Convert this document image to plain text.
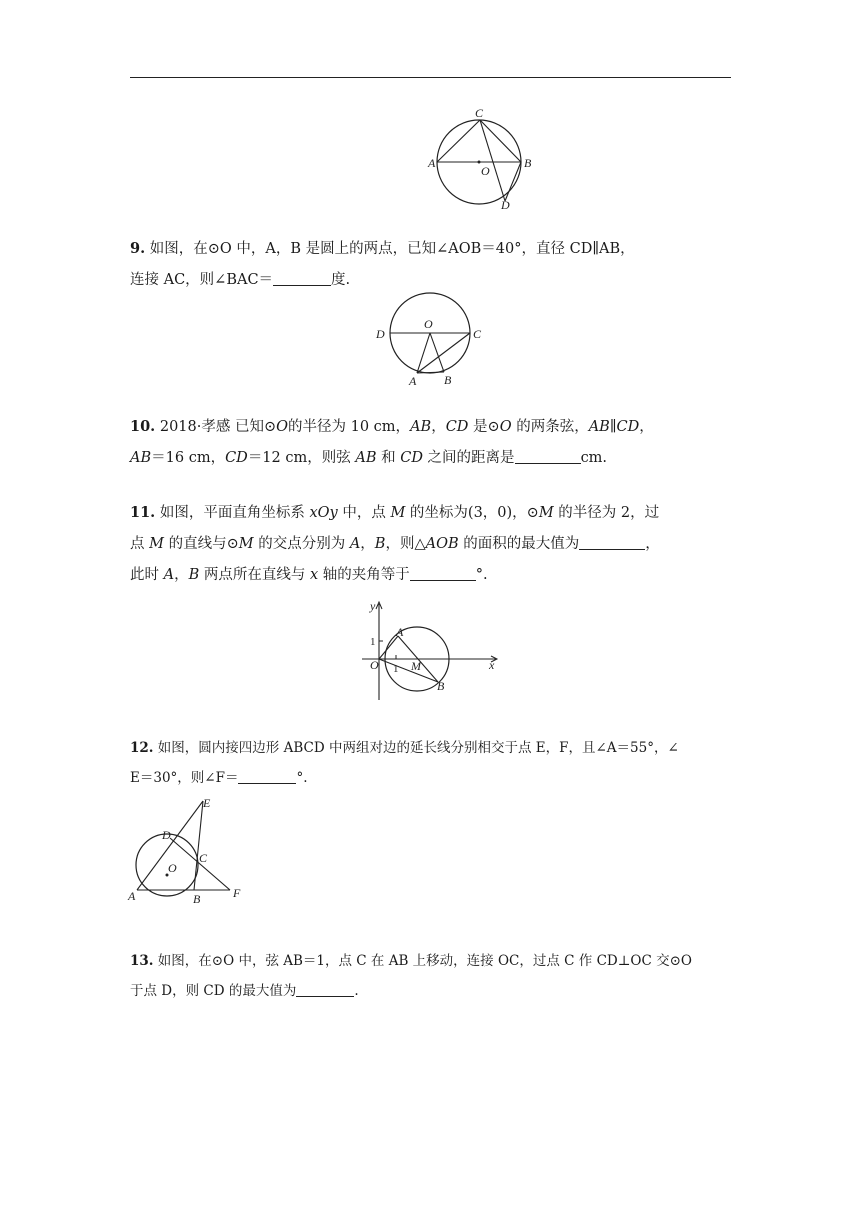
A	B
C
D
O

9. 如图，在⊙O 中，A，B 是圆上的两点，已知∠AOB＝40°，直径 CD∥AB，

连接 AC，则∠BAC＝	度.

D	C
O
A B

10. 2018·孝感 已知⊙O的半径为 10 cm，AB，CD 是⊙O 的两条弦，AB∥CD，

AB＝16 cm，CD＝12 cm，则弦 AB 和 CD 之间的距离是	cm.

11. 如图，平面直角坐标系 xOy 中，点 M 的坐标为(3，0)，⊙M 的半径为 2，过

点 M 的直线与⊙M 的交点分别为 A，B，则△AOB 的面积的最大值为	，

此时 A，B 两点所在直线与 x 轴的夹角等于	°.

y
x
O
1
1
A
M
B

12. 如图，圆内接四边形 ABCD 中两组对边的延长线分别相交于点 E，F，且∠A＝55°，∠

E＝30°，则∠F＝	°.

E
D
C
O
A	B	F

13. 如图，在⊙O 中，弦 AB＝1，点 C 在 AB 上移动，连接 OC，过点 C 作 CD⊥OC 交⊙O

于点 D，则 CD 的最大值为	.
